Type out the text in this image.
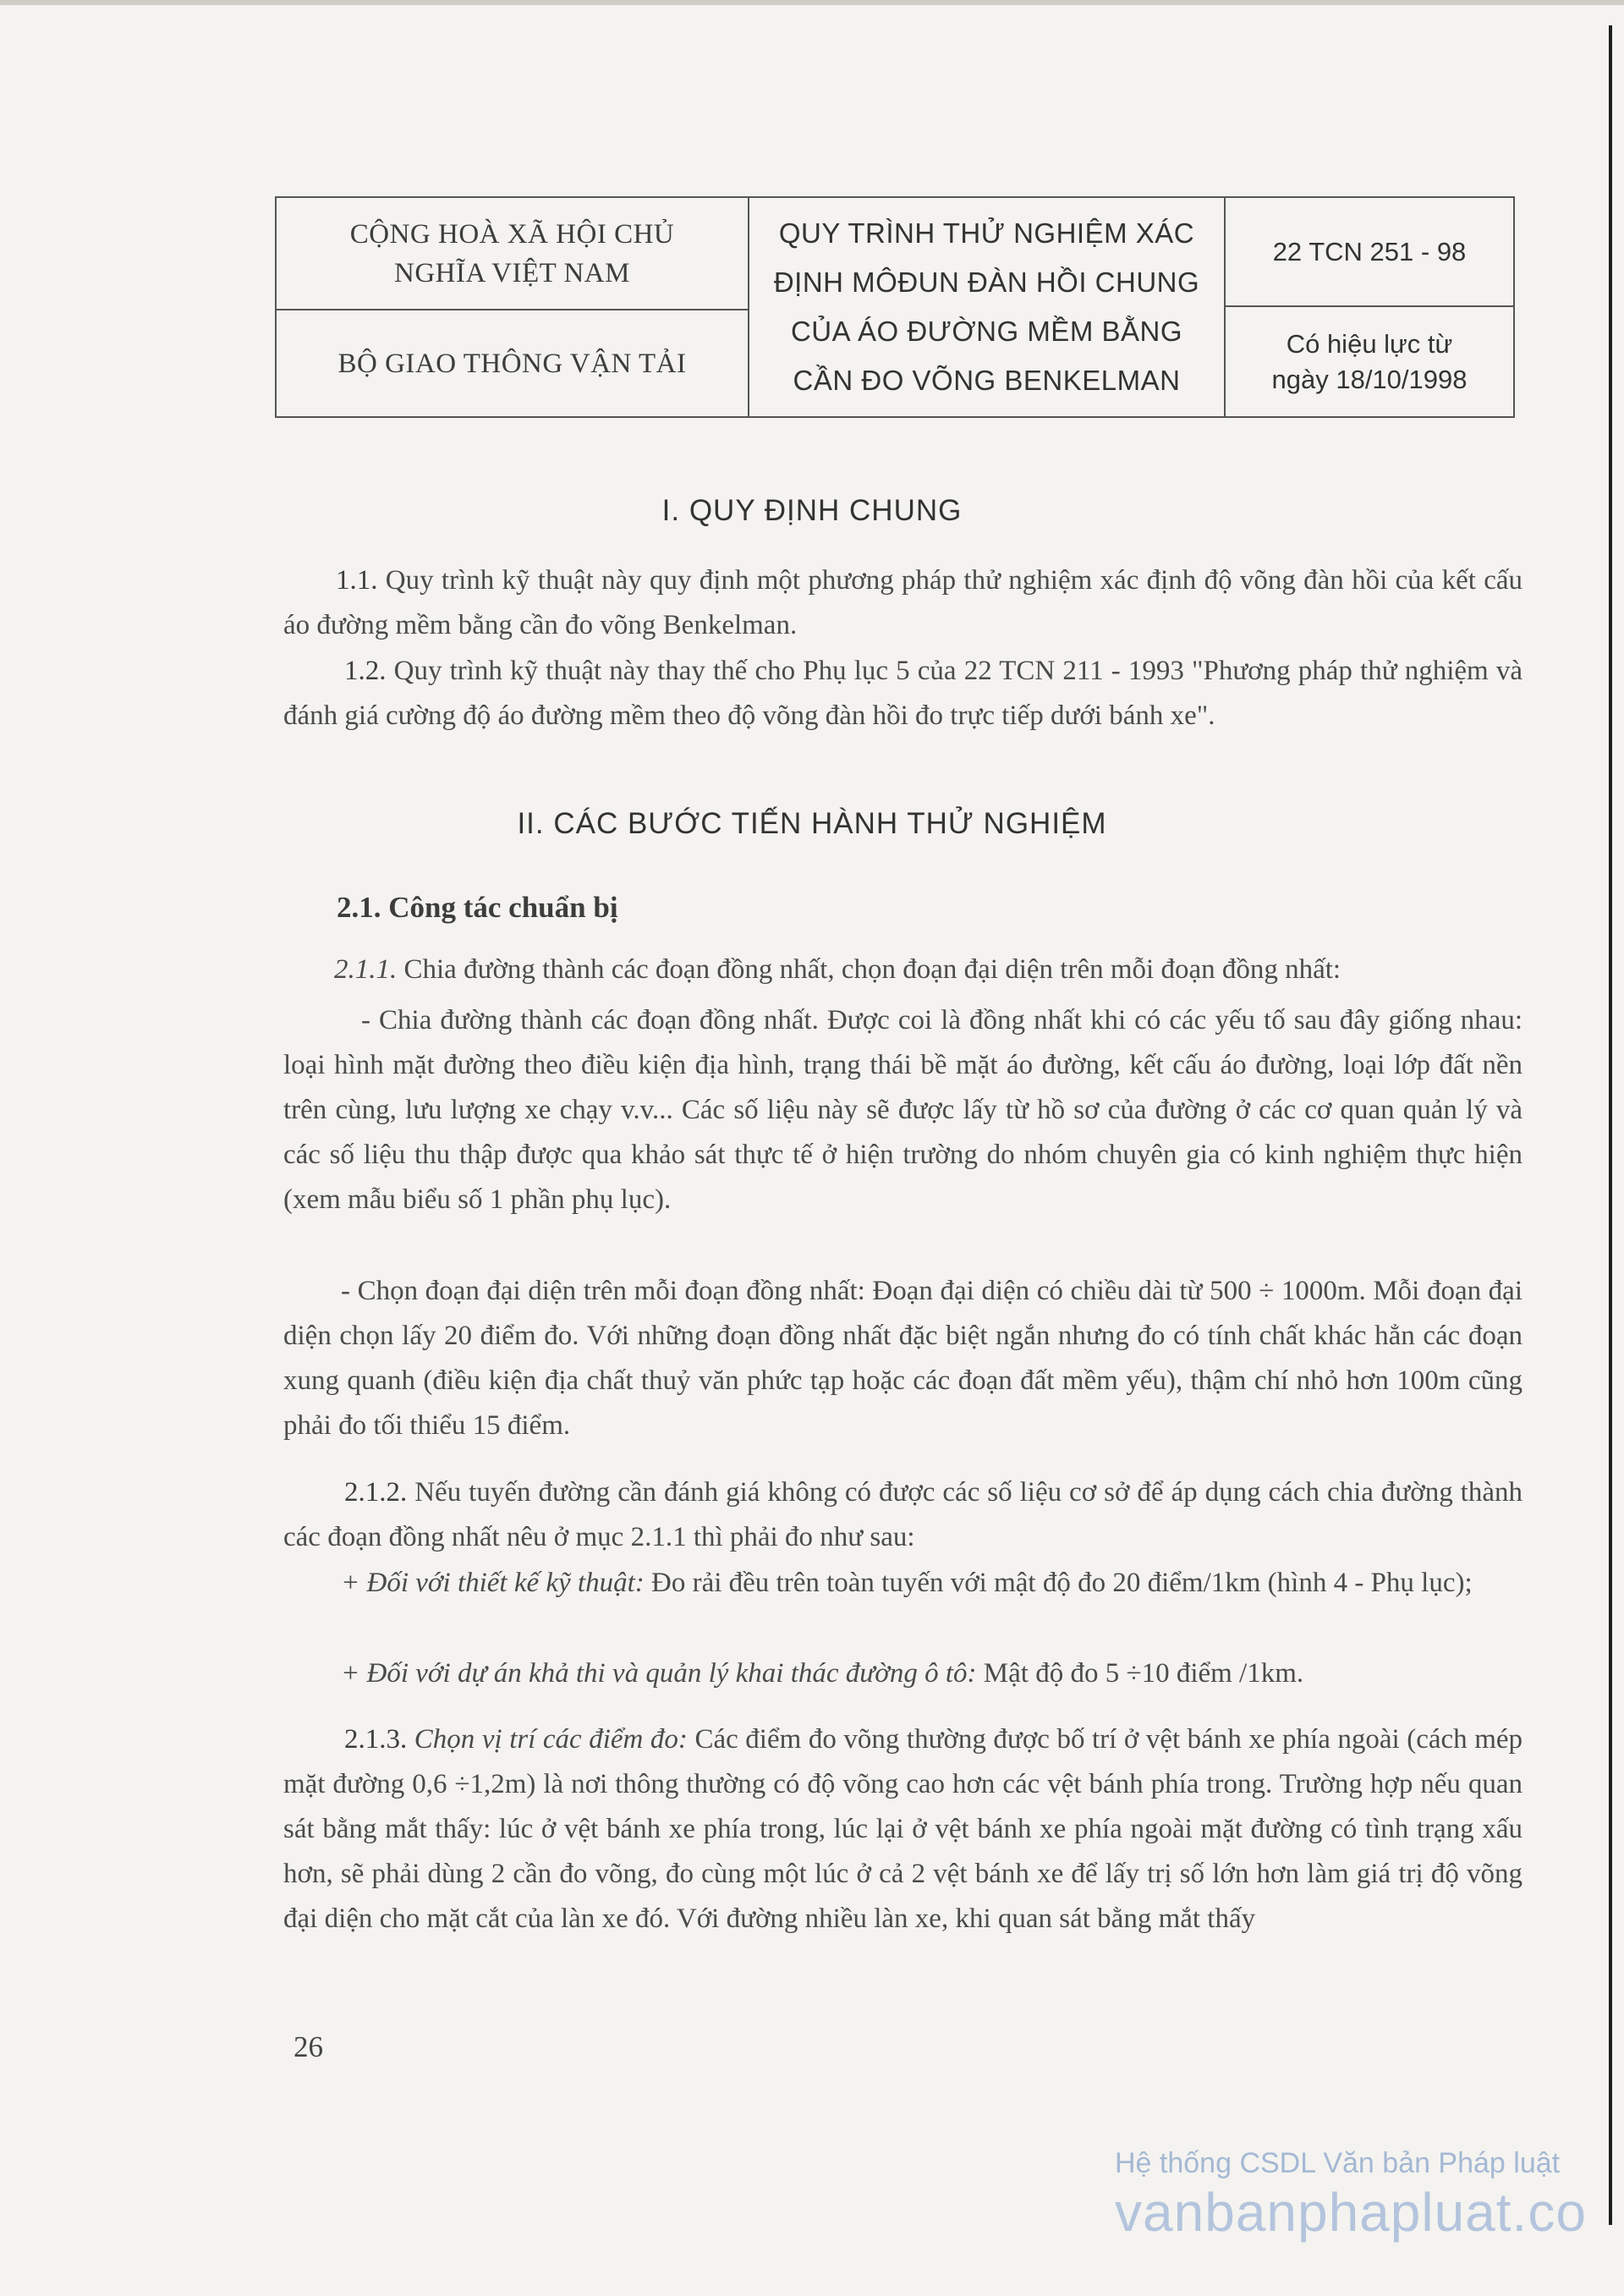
CỘNG HOÀ XÃ HỘI CHỦ
NGHĨA VIỆT NAM
BỘ GIAO THÔNG VẬN TẢI
QUY TRÌNH THỬ NGHIỆM XÁC
ĐỊNH MÔĐUN ĐÀN HỒI CHUNG
CỦA ÁO ĐƯỜNG MỀM BẰNG
CẦN ĐO VÕNG BENKELMAN
22 TCN 251 - 98
Có hiệu lực từ
ngày 18/10/1998
I. QUY ĐỊNH CHUNG

1.1. Quy trình kỹ thuật này quy định một phương pháp thử nghiệm xác định độ võng đàn hồi của kết cấu áo đường mềm bằng cần đo võng Benkelman.

1.2. Quy trình kỹ thuật này thay thế cho Phụ lục 5 của 22 TCN 211 - 1993 "Phương pháp thử nghiệm và đánh giá cường độ áo đường mềm theo độ võng đàn hồi đo trực tiếp dưới bánh xe".

II. CÁC BƯỚC TIẾN HÀNH THỬ NGHIỆM
2.1. Công tác chuẩn bị

2.1.1. Chia đường thành các đoạn đồng nhất, chọn đoạn đại diện trên mỗi đoạn đồng nhất:

- Chia đường thành các đoạn đồng nhất. Được coi là đồng nhất khi có các yếu tố sau đây giống nhau: loại hình mặt đường theo điều kiện địa hình, trạng thái bề mặt áo đường, kết cấu áo đường, loại lớp đất nền trên cùng, lưu lượng xe chạy v.v... Các số liệu này sẽ được lấy từ hồ sơ của đường ở các cơ quan quản lý và các số liệu thu thập được qua khảo sát thực tế ở hiện trường do nhóm chuyên gia có kinh nghiệm thực hiện (xem mẫu biểu số 1 phần phụ lục).

- Chọn đoạn đại diện trên mỗi đoạn đồng nhất: Đoạn đại diện có chiều dài từ 500 ÷ 1000m. Mỗi đoạn đại diện chọn lấy 20 điểm đo. Với những đoạn đồng nhất đặc biệt ngắn nhưng đo có tính chất khác hẳn các đoạn xung quanh (điều kiện địa chất thuỷ văn phức tạp hoặc các đoạn đất mềm yếu), thậm chí nhỏ hơn 100m cũng phải đo tối thiểu 15 điểm.

2.1.2. Nếu tuyến đường cần đánh giá không có được các số liệu cơ sở để áp dụng cách chia đường thành các đoạn đồng nhất nêu ở mục 2.1.1 thì phải đo như sau:

+ Đối với thiết kế kỹ thuật: Đo rải đều trên toàn tuyến với mật độ đo 20 điểm/1km (hình 4 - Phụ lục);

+ Đối với dự án khả thi và quản lý khai thác đường ô tô: Mật độ đo 5 ÷10 điểm /1km.

2.1.3. Chọn vị trí các điểm đo: Các điểm đo võng thường được bố trí ở vệt bánh xe phía ngoài (cách mép mặt đường 0,6 ÷1,2m) là nơi thông thường có độ võng cao hơn các vệt bánh phía trong. Trường hợp nếu quan sát bằng mắt thấy: lúc ở vệt bánh xe phía trong, lúc lại ở vệt bánh xe phía ngoài mặt đường có tình trạng xấu hơn, sẽ phải dùng 2 cần đo võng, đo cùng một lúc ở cả 2 vệt bánh xe để lấy trị số lớn hơn làm giá trị độ võng đại diện cho mặt cắt của làn xe đó. Với đường nhiều làn xe, khi quan sát bằng mắt thấy

26
Hệ thống CSDL Văn bản Pháp luật
vanbanphapluat.co
